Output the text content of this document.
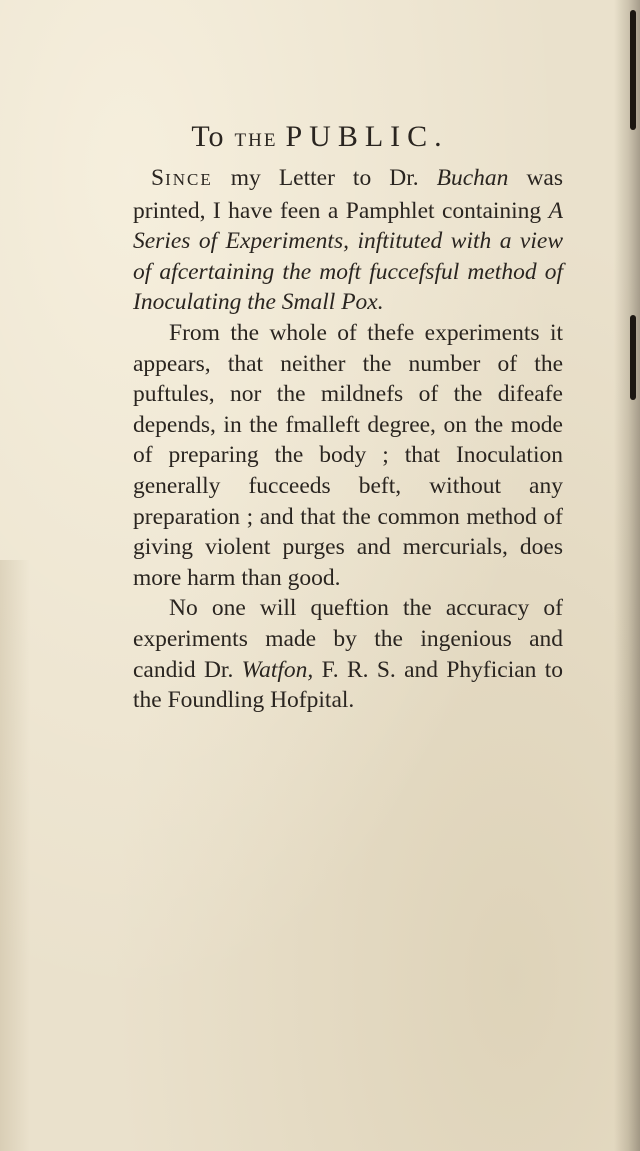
To THE PUBLIC.

SINCE my Letter to Dr. Buchan was printed, I have feen a Pamphlet containing A Series of Experiments, inftituted with a view of afcertaining the moft fuccefsful method of Inoculating the Small Pox.

From the whole of thefe experiments it appears, that neither the number of the puftules, nor the mildnefs of the difeafe depends, in the fmalleft degree, on the mode of preparing the body ; that Inoculation generally fucceeds beft, without any preparation ; and that the common method of giving violent purges and mercurials, does more harm than good.

No one will queftion the accuracy of experiments made by the ingenious and candid Dr. Watfon, F. R. S. and Phyfician to the Foundling Hofpital.
